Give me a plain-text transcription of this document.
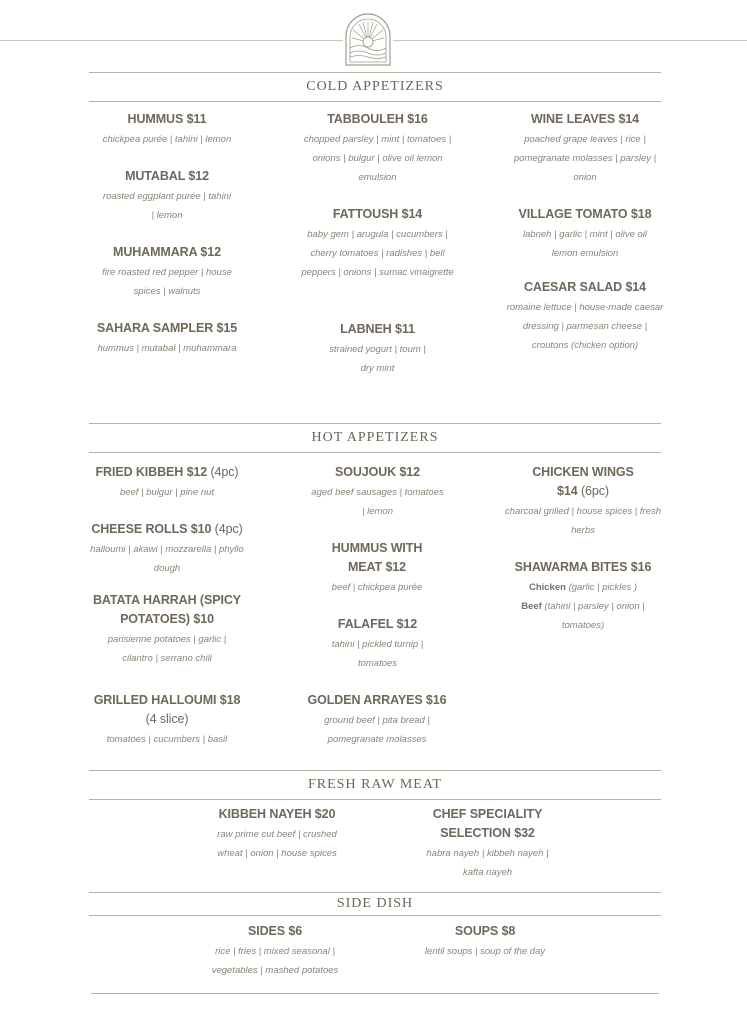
COLD APPETIZERS
HUMMUS $11
chickpea purée | tahini | lemon
MUTABAL $12
roasted eggplant purée | tahini | lemon
MUHAMMARA $12
fire roasted red pepper | house spices | walnuts
SAHARA SAMPLER $15
hummus | mutabal | muhammara
TABBOULEH $16
chopped parsley | mint | tomatoes | onions | bulgur | olive oil lemon emulsion
FATTOUSH $14
baby gem | arugula | cucumbers | cherry tomatoes | radishes | bell peppers | onions | sumac vinaigrette
LABNEH $11
strained yogurt | toum | dry mint
WINE LEAVES $14
poached grape leaves | rice | pomegranate molasses | parsley | onion
VILLAGE TOMATO $18
labneh | garlic | mint | olive oil lemon emulsion
CAESAR SALAD $14
romaine lettuce | house-made caesar dressing | parmesan cheese | croutons (chicken option)
HOT APPETIZERS
FRIED KIBBEH $12 (4pc)
beef | bulgur | pine nut
CHEESE ROLLS $10 (4pc)
halloumi | akawi | mozzarella | phyllo dough
BATATA HARRAH (SPICY POTATOES) $10
parisienne potatoes | garlic | cilantro | serrano chili
GRILLED HALLOUMI $18 (4 slice)
tomatoes | cucumbers | basil
SOUJOUK $12
aged beef sausages | tomatoes | lemon
HUMMUS WITH MEAT $12
beef | chickpea purée
FALAFEL $12
tahini | pickled turnip | tomatoes
GOLDEN ARRAYES $16
ground beef | pita bread | pomegranate molasses
CHICKEN WINGS $14 (6pc)
charcoal grilled | house spices | fresh herbs
SHAWARMA BITES $16
Chicken (garlic | pickles )
Beef (tahini | parsley | onion | tomatoes)
FRESH RAW MEAT
KIBBEH NAYEH $20
raw prime cut beef | crushed wheat | onion | house spices
CHEF SPECIALITY SELECTION $32
habra nayeh | kibbeh nayeh | kafta nayeh
SIDE DISH
SIDES $6
rice | fries | mixed seasonal | vegetables | mashed potatoes
SOUPS $8
lentil soups | soup of the day
